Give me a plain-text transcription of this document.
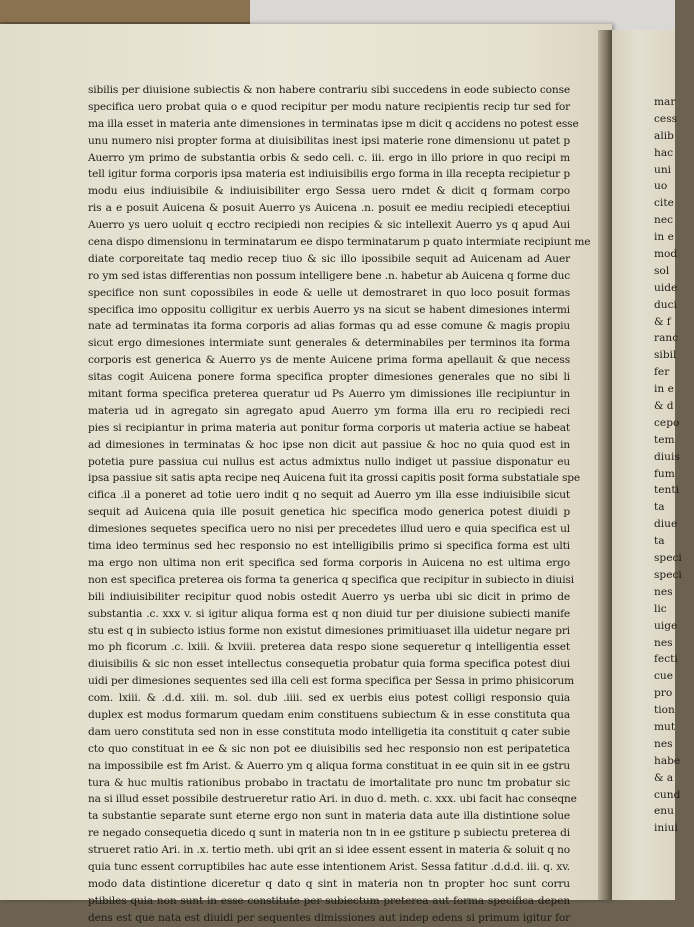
sibilis per diuisione subiectis & non habere contrariu sibi succedens in eode subiecto conse
specifica uero probat quia o e quod recipitur per modu nature recipientis recip tur sed for
ma illa esset in materia ante dimensiones in terminatas ipse m dicit q accidens no potest esse
unu numero nisi propter forma at diuisibilitas inest ipsi materie rone dimensionu ut patet p
Auerro ym primo de substantia orbis & sedo celi. c. iii. ergo in illo priore in quo recipi m
tell igitur forma corporis ipsa materia est indiuisibilis ergo forma in illa recepta recipietur p
modu eius indiuisibile & indiuisibiliter ergo Sessa uero rndet & dicit q formam corpo
ris a e posuit Auicena & posuit Auerro ys Auicena .n. posuit ee mediu recipiedi eteceptiui
Auerro ys uero uoluit q ecctro recipiedi non recipies & sic intellexit Auerro ys q apud Aui
cena dispo dimensionu in terminatarum ee dispo terminatarum p quato intermiate recipiunt me
diate corporeitate taq medio recep tiuo & sic illo ipossibile sequit ad Auicenam ad Auer
ro ym sed istas differentias non possum intelligere bene .n. habetur ab Auicena q forme duc
specifice non sunt copossibiles in eode & uelle ut demostraret in quo loco posuit formas
specifica imo oppositu colligitur ex uerbis Auerro ys na sicut se habent dimesiones intermi
nate ad terminatas ita forma corporis ad alias formas qu ad esse comune & magis propiu
sicut ergo dimesiones intermiate sunt generales & determinabiles per terminos ita forma
corporis est generica & Auerro ys de mente Auicene prima forma apellauit & que necess
sitas cogit Auicena ponere forma specifica propter dimesiones generales que no sibi li
mitant forma specifica preterea queratur ud Ps Auerro ym dimissiones ille recipiuntur in
materia ud in agregato sin agregato apud Auerro ym forma illa eru ro recipiedi reci
pies si recipiantur in prima materia aut ponitur forma corporis ut materia actiue se habeat
ad dimesiones in terminatas & hoc ipse non dicit aut passiue & hoc no quia quod est in
potetia pure passiua cui nullus est actus admixtus nullo indiget ut passiue disponatur eu
ipsa passiue sit satis apta recipe neq Auicena fuit ita grossi capitis posit forma substatiale spe
cifica .il a poneret ad totie uero indit q no sequit ad Auerro ym illa esse indiuisibile sicut
sequit ad Auicena quia ille posuit genetica hic specifica modo generica potest diuidi p
dimesiones sequetes specifica uero no nisi per precedetes illud uero e quia specifica est ul
tima ideo terminus sed hec responsio no est intelligibilis primo si specifica forma est ulti
ma ergo non ultima non erit specifica sed forma corporis in Auicena no est ultima ergo
non est specifica preterea ois forma ta generica q specifica que recipitur in subiecto in diuisi
bili indiuisibiliter recipitur quod nobis ostedit Auerro ys uerba ubi sic dicit in primo de
substantia .c. xxx v. si igitur aliqua forma est q non diuid tur per diuisione subiecti manife
stu est q in subiecto istius forme non existut dimesiones primitiuaset illa uidetur negare pri
mo ph ficorum .c. lxiii. & lxviii. preterea data respo sione sequeretur q intelligentia esset
diuisibilis & sic non esset intellectus consequetia probatur quia forma specifica potest diui
uidi per dimesiones sequentes sed illa celi est forma specifica per Sessa in primo phisicorum
com. lxiii. & .d.d. xiii. m. sol. dub .iiii. sed ex uerbis eius potest colligi responsio quia
duplex est modus formarum quedam enim constituens subiectum & in esse constituta qua
dam uero constituta sed non in esse constituta modo intelligetia ita constituit q cater subie
cto quo constituat in ee & sic non pot ee diuisibilis sed hec responsio non est peripatetica
na impossibile est fm Arist. & Auerro ym q aliqua forma constituat in ee quin sit in ee gstru
tura & huc multis rationibus probabo in tractatu de imortalitate pro nunc tm probatur sic
na si illud esset possibile destrueretur ratio Ari. in duo d. meth. c. xxx. ubi facit hac conseqne
ta substantie separate sunt eterne ergo non sunt in materia data aute illa distintione solue
re negado consequetia dicedo q sunt in materia non tn in ee gstiture p subiectu preterea di
strueret ratio Ari. in .x. tertio meth. ubi qrit an si idee essent essent in materia & soluit q no
quia tunc essent corruptibiles hac aute esse intentionem Arist. Sessa fatitur .d.d.d. iii. q. xv.
modo data distintione diceretur q dato q sint in materia non tn propter hoc sunt corru
ptibiles quia non sunt in esse constitute per subiectum preterea aut forma specifica depen
dens est que nata est diuidi per sequentes dimissiones aut indep edens si primum igitur for
mar
cess
alib
hac
uni
uo
cite
nec
in e
mod
sol
uide
duci
& f
ranc
sibil
fer
in e
& d
cepo
tem
diuis
fum
tenti
ta
diue
ta
speci
speci
nes
lic
uige
nes
fecti
cue
pro
tion
mut
nes
habe
& a
cund
enu
iniui
